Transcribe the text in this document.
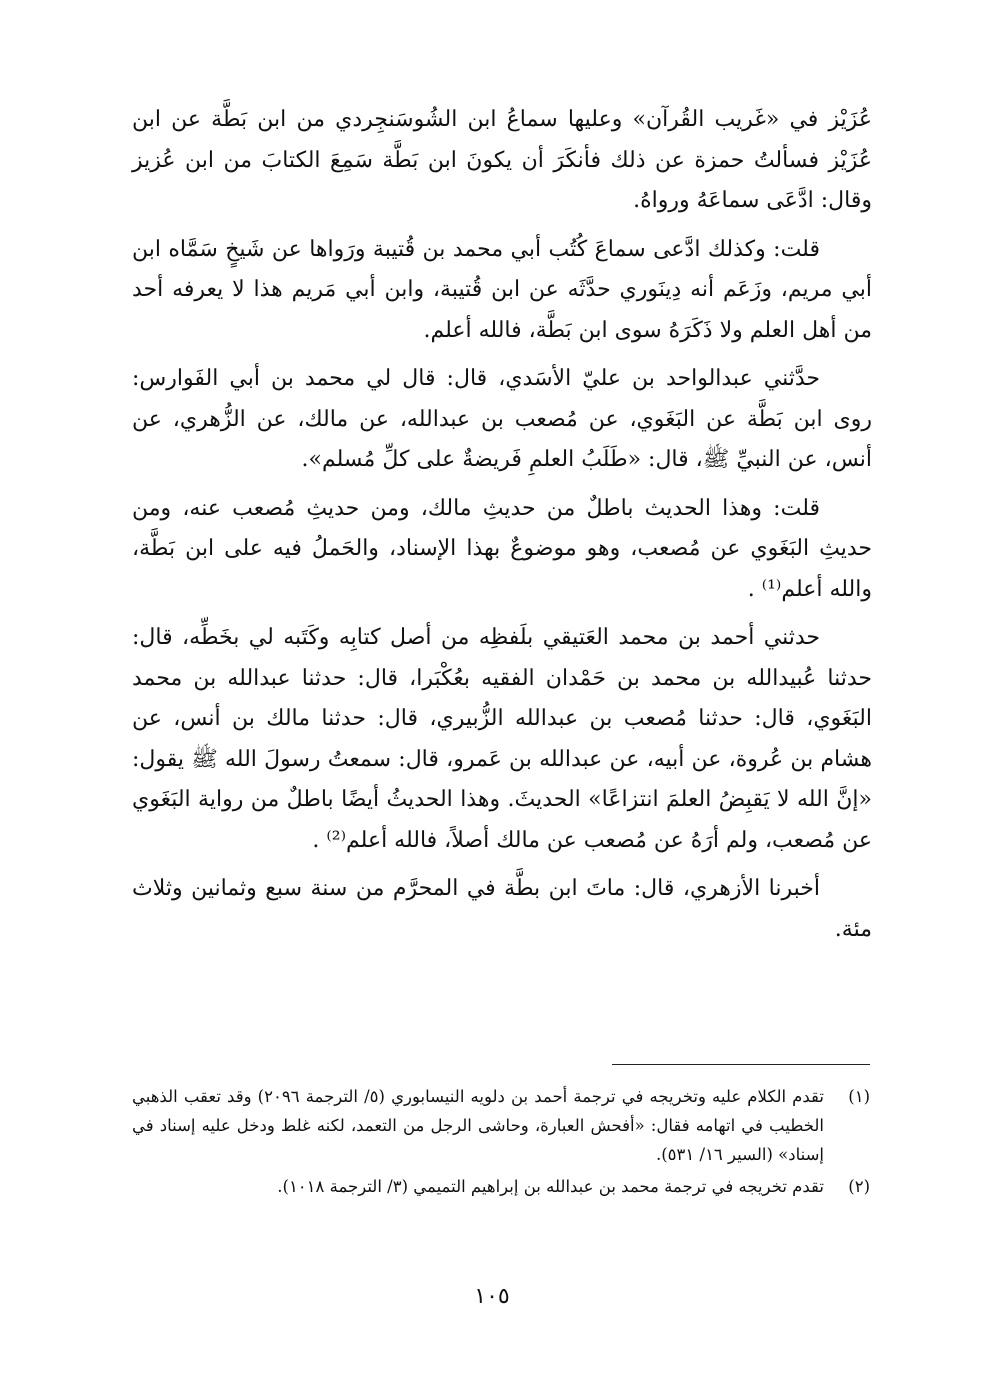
عُزَيْز في «غَريب القُرآن» وعليها سماعُ ابن الشُوسَنجِردي من ابن بَطَّة عن ابن عُزَيْز فسألتُ حمزة عن ذلك فأنكَرَ أن يكونَ ابن بَطَّة سَمِعَ الكتابَ من ابن عُزيز وقال: ادَّعَى سماعَهُ ورواهُ.

قلت: وكذلك ادَّعى سماعَ كُتُب أبي محمد بن قُتيبة ورَواها عن شَيخٍ سَمَّاه ابن أبي مريم، وزَعَم أنه دِينَوري حدَّثَه عن ابن قُتيبة، وابن أبي مَريم هذا لا يعرفه أحد من أهل العلم ولا ذَكَرَهُ سوى ابن بَطَّة، فالله أعلم.

حدَّثني عبدالواحد بن عليّ الأسَدي، قال: قال لي محمد بن أبي الفَوارس: روى ابن بَطَّة عن البَغَوي، عن مُصعب بن عبدالله، عن مالك، عن الزُّهري، عن أنس، عن النبيِّ ﷺ، قال: «طَلَبُ العلمِ فَريضةٌ على كلِّ مُسلم».

قلت: وهذا الحديث باطلٌ من حديثِ مالك، ومن حديثِ مُصعب عنه، ومن حديثِ البَغَوي عن مُصعب، وهو موضوعٌ بهذا الإسناد، والحَملُ فيه على ابن بَطَّة، والله أعلم⁽¹⁾ .

حدثني أحمد بن محمد العَتيقي بلَفظِه من أصل كتابِه وكَتَبه لي بخَطِّه، قال: حدثنا عُبيدالله بن محمد بن حَمْدان الفقيه بعُكْبَرا، قال: حدثنا عبدالله بن محمد البَغَوي، قال: حدثنا مُصعب بن عبدالله الزُّبيري، قال: حدثنا مالك بن أنس، عن هشام بن عُروة، عن أبيه، عن عبدالله بن عَمرو، قال: سمعتُ رسولَ الله ﷺ يقول: «إنَّ الله لا يَقبِضُ العلمَ انتزاعًا» الحديثَ. وهذا الحديثُ أيضًا باطلٌ من رواية البَغَوي عن مُصعب، ولم أرَهُ عن مُصعب عن مالك أصلاً، فالله أعلم⁽²⁾ .

أخبرنا الأزهري، قال: ماتَ ابن بطَّة في المحرَّم من سنة سبع وثمانين وثلاث مئة.

(١)
تقدم الكلام عليه وتخريجه في ترجمة أحمد بن دلويه النيسابوري (٥/ الترجمة ٢٠٩٦) وقد تعقب الذهبي الخطيب في اتهامه فقال: «أفحش العبارة، وحاشى الرجل من التعمد، لكنه غلط ودخل عليه إسناد في إسناد» (السير ١٦/ ٥٣١).
(٢)
تقدم تخريجه في ترجمة محمد بن عبدالله بن إبراهيم التميمي (٣/ الترجمة ١٠١٨).
١٠٥
